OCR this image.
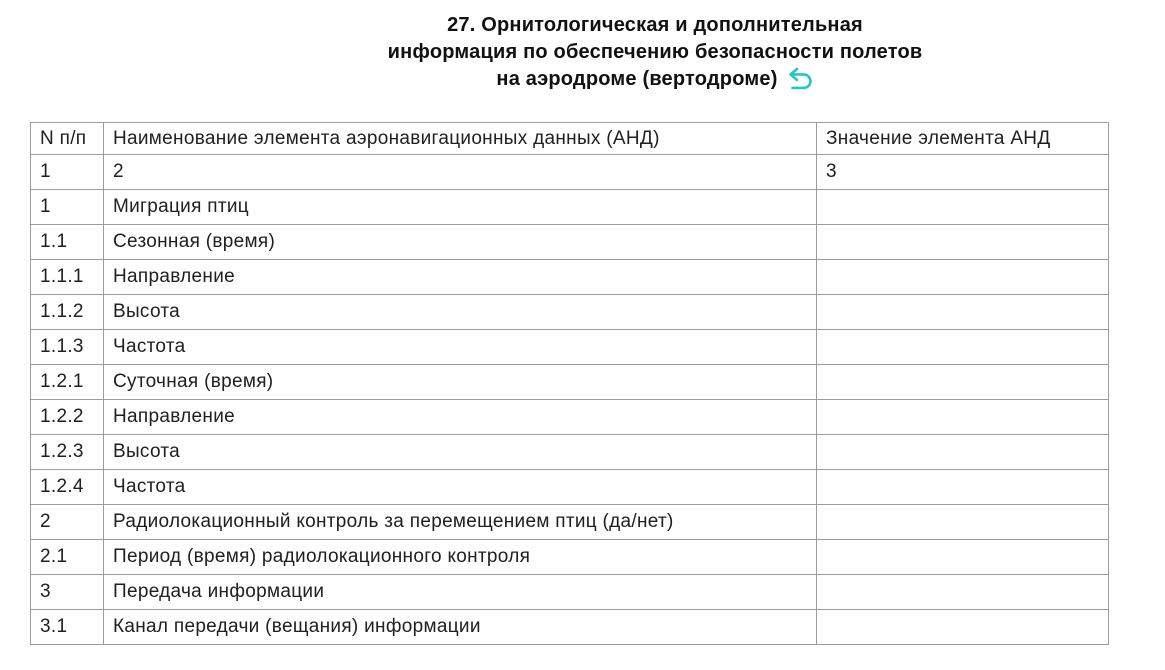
27. Орнитологическая и дополнительная
информация по обеспечению безопасности полетов
на аэродроме (вертодроме)
N п/п	Наименование элемента аэронавигационных данных (АНД)	Значение элемента АНД
1	2	3
1	Миграция птиц	
1.1	Сезонная (время)	
1.1.1	Направление	
1.1.2	Высота	
1.1.3	Частота	
1.2.1	Суточная (время)	
1.2.2	Направление	
1.2.3	Высота	
1.2.4	Частота	
2	Радиолокационный контроль за перемещением птиц (да/нет)	
2.1	Период (время) радиолокационного контроля	
3	Передача информации	
3.1	Канал передачи (вещания) информации	
